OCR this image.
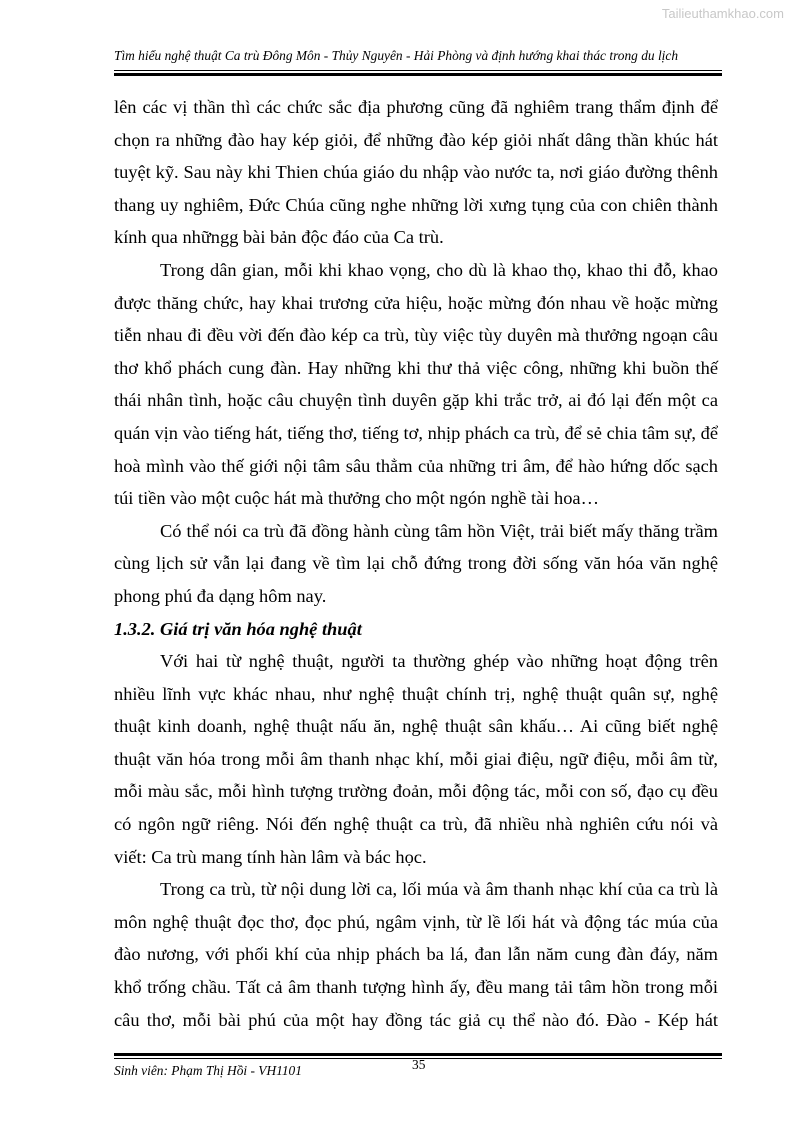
Tailieuthamkhao.com
Tìm hiểu nghệ thuật Ca trù Đông Môn - Thủy Nguyên - Hải Phòng và định hướng khai thác trong du lịch

lên các vị thần thì các chức sắc địa phương cũng đã nghiêm trang thẩm định để chọn ra những đào hay kép giỏi, để những đào kép giỏi nhất dâng thần khúc hát tuyệt kỹ. Sau này khi Thien chúa giáo du nhập vào nước ta, nơi giáo đường thênh thang uy nghiêm, Đức Chúa cũng nghe những lời xưng tụng của con chiên thành kính qua nhữngg bài bản độc đáo của Ca trù.

Trong dân gian, mỗi khi khao vọng, cho dù là khao thọ, khao thi đỗ, khao được thăng chức, hay khai trương cửa hiệu, hoặc mừng đón nhau về hoặc mừng tiễn nhau đi đều vời đến đào kép ca trù, tùy việc tùy duyên mà thưởng ngoạn câu thơ khổ phách cung đàn. Hay những khi thư thả việc công, những khi buồn thế thái nhân tình, hoặc câu chuyện tình duyên gặp khi trắc trở, ai đó lại đến một ca quán vịn vào tiếng hát, tiếng thơ, tiếng tơ, nhịp phách ca trù, để sẻ chia tâm sự, để hoà mình vào thế giới nội tâm sâu thẳm của những tri âm, để hào hứng dốc sạch túi tiền vào một cuộc hát mà thưởng cho một ngón nghề tài hoa…

Có thể nói ca trù đã đồng hành cùng tâm hồn Việt, trải biết mấy thăng trầm cùng lịch sử vẫn lại đang về tìm lại chỗ đứng trong đời sống văn hóa văn nghệ phong phú đa dạng hôm nay.

1.3.2. Giá trị văn hóa nghệ thuật

Với hai từ nghệ thuật, người ta thường ghép vào những hoạt động trên nhiều lĩnh vực khác nhau, như nghệ thuật chính trị, nghệ thuật quân sự, nghệ thuật kinh doanh, nghệ thuật nấu ăn, nghệ thuật sân khấu… Ai cũng biết nghệ thuật văn hóa trong mỗi âm thanh nhạc khí, mỗi giai điệu, ngữ điệu, mỗi âm từ, mỗi màu sắc, mỗi hình tượng trường đoản, mỗi động tác, mỗi con số, đạo cụ đều có ngôn ngữ riêng. Nói đến nghệ thuật ca trù, đã nhiều nhà nghiên cứu nói và viết: Ca trù mang tính hàn lâm và bác học.

Trong ca trù, từ nội dung lời ca, lối múa và âm thanh nhạc khí của ca trù là môn nghệ thuật đọc thơ, đọc phú, ngâm vịnh, từ lề lối hát và động tác múa của đào nương, với phối khí của nhịp phách ba lá, đan lẫn năm cung đàn đáy, năm khổ trống chầu. Tất cả âm thanh tượng hình ấy, đều mang tải tâm hồn trong mỗi câu thơ, mỗi bài phú của một hay đồng tác giả cụ thể nào đó. Đào - Kép hát

Sinh viên: Phạm Thị Hồi - VH1101	35
